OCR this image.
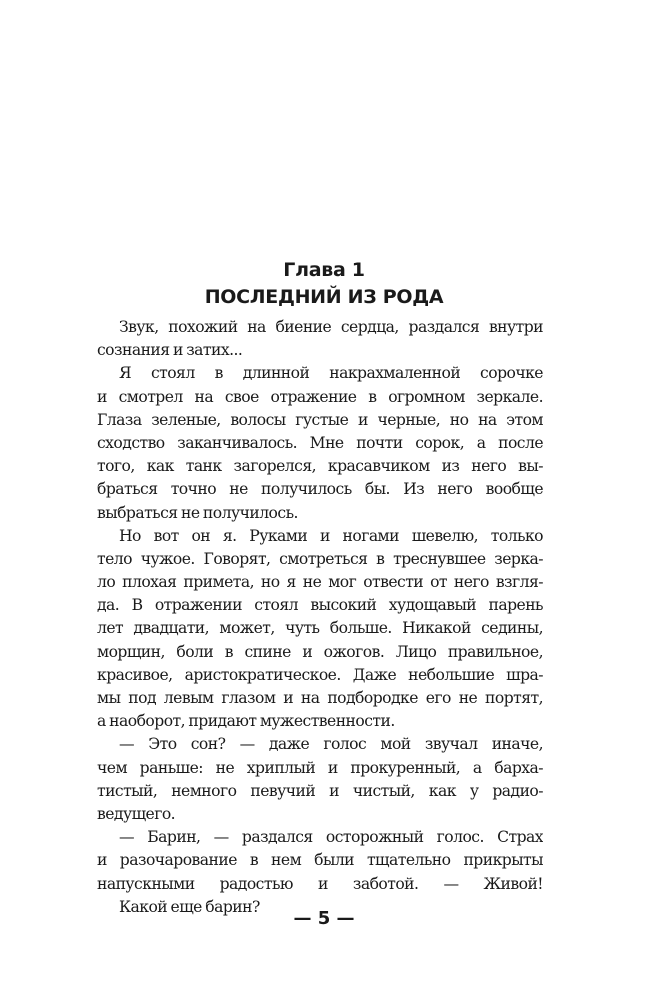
Глава 1
ПОСЛЕДНИЙ ИЗ РОДА
Звук, похожий на биение сердца, раздался внутри
сознания и затих...
Я стоял в длинной накрахмаленной сорочке
и смотрел на свое отражение в огромном зеркале.
Глаза зеленые, волосы густые и черные, но на этом
сходство заканчивалось. Мне почти сорок, а после
того, как танк загорелся, красавчиком из него вы-
браться точно не получилось бы. Из него вообще
выбраться не получилось.
Но вот он я. Руками и ногами шевелю, только
тело чужое. Говорят, смотреться в треснувшее зерка-
ло плохая примета, но я не мог отвести от него взгля-
да. В отражении стоял высокий худощавый парень
лет двадцати, может, чуть больше. Никакой седины,
морщин, боли в спине и ожогов. Лицо правильное,
красивое, аристократическое. Даже небольшие шра-
мы под левым глазом и на подбородке его не портят,
а наоборот, придают мужественности.
— Это сон? — даже голос мой звучал иначе,
чем раньше: не хриплый и прокуренный, а барха-
тистый, немного певучий и чистый, как у радио-
ведущего.
— Барин, — раздался осторожный голос. Страх
и разочарование в нем были тщательно прикрыты
напускными радостью и заботой. — Живой!
Какой еще барин?
— 5 —
